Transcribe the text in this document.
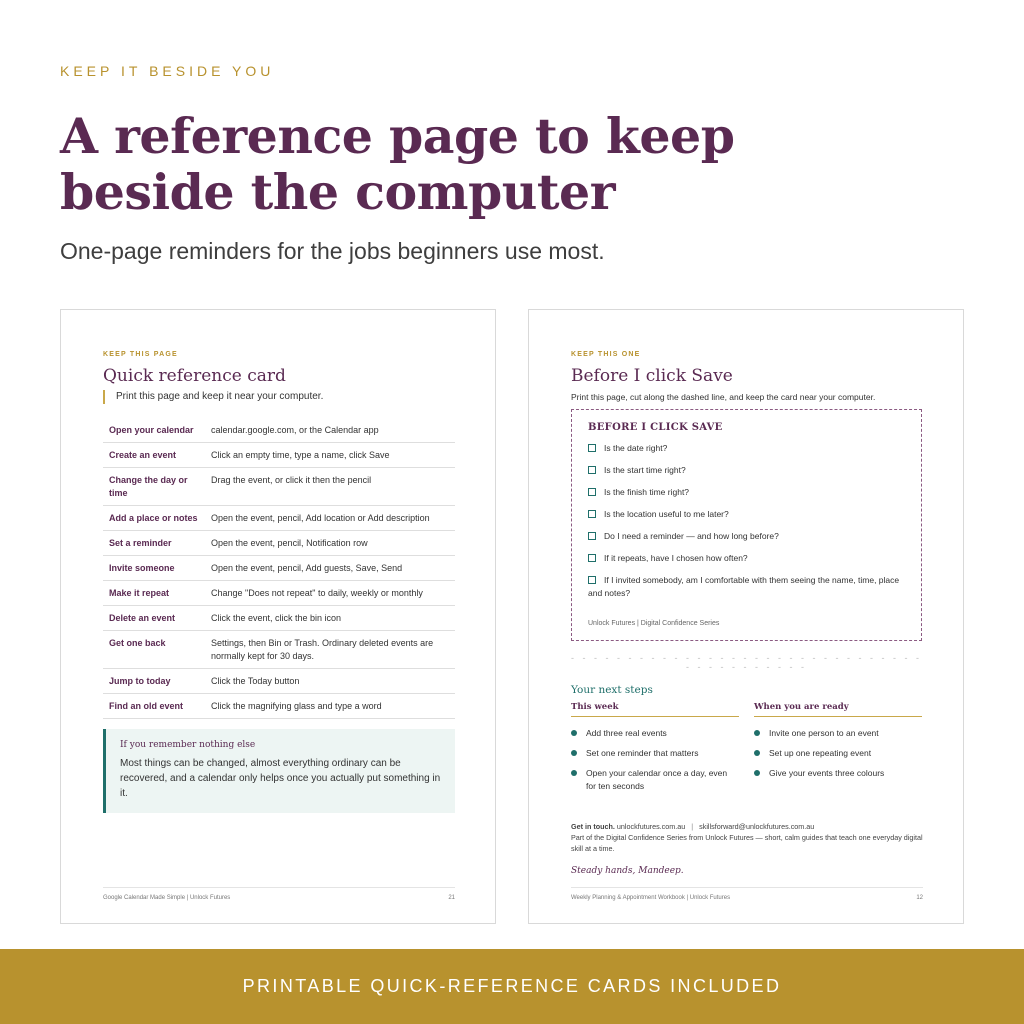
KEEP IT BESIDE YOU
A reference page to keep beside the computer

One-page reminders for the jobs beginners use most.

KEEP THIS PAGE
Quick reference card
Print this page and keep it near your computer.
Open your calendar	calendar.google.com, or the Calendar app
Create an event	Click an empty time, type a name, click Save
Change the day or time	Drag the event, or click it then the pencil
Add a place or notes	Open the event, pencil, Add location or Add description
Set a reminder	Open the event, pencil, Notification row
Invite someone	Open the event, pencil, Add guests, Save, Send
Make it repeat	Change "Does not repeat" to daily, weekly or monthly
Delete an event	Click the event, click the bin icon
Get one back	Settings, then Bin or Trash. Ordinary deleted events are normally kept for 30 days.
Jump to today	Click the Today button
Find an old event	Click the magnifying glass and type a word
If you remember nothing else
Most things can be changed, almost everything ordinary can be recovered, and a calendar only helps once you actually put something in it.
Google Calendar Made Simple | Unlock Futures	21
KEEP THIS ONE
Before I click Save
Print this page, cut along the dashed line, and keep the card near your computer.
BEFORE I CLICK SAVE
Is the date right?
Is the start time right?
Is the finish time right?
Is the location useful to me later?
Do I need a reminder — and how long before?
If it repeats, have I chosen how often?
If I invited somebody, am I comfortable with them seeing the name, time, place and notes?
Unlock Futures | Digital Confidence Series
- - - - - - - - - - - - - - - - - - - - - - - - - - - - - - - - - - - - - - - - - -
Your next steps
This week
Add three real events
Set one reminder that matters
Open your calendar once a day, even for ten seconds
When you are ready
Invite one person to an event
Set up one repeating event
Give your events three colours
Get in touch. unlockfutures.com.au | skillsforward@unlockfutures.com.au
Part of the Digital Confidence Series from Unlock Futures — short, calm guides that teach one everyday digital skill at a time.
Steady hands, Mandeep.
Weekly Planning & Appointment Workbook | Unlock Futures	12
PRINTABLE QUICK-REFERENCE CARDS INCLUDED
